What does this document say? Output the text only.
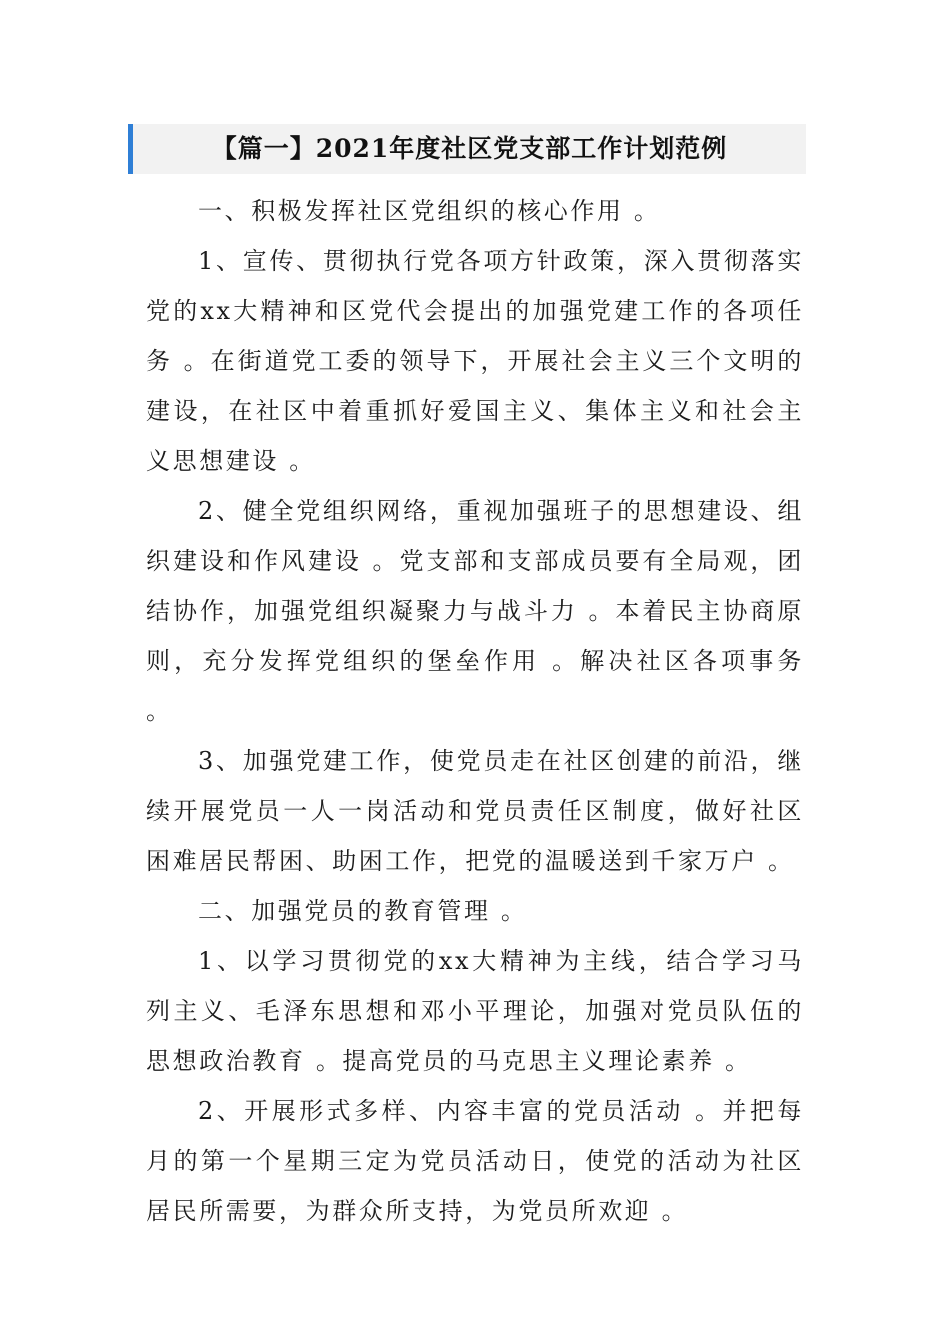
【篇一】2021年度社区党支部工作计划范例

一、积极发挥社区党组织的核心作用 。

1、宣传、贯彻执行党各项方针政策，深入贯彻落实党的xx大精神和区党代会提出的加强党建工作的各项任务 。在街道党工委的领导下，开展社会主义三个文明的建设，在社区中着重抓好爱国主义、集体主义和社会主义思想建设 。

2、健全党组织网络，重视加强班子的思想建设、组织建设和作风建设 。党支部和支部成员要有全局观，团结协作，加强党组织凝聚力与战斗力 。本着民主协商原则，充分发挥党组织的堡垒作用 。解决社区各项事务 。

3、加强党建工作，使党员走在社区创建的前沿，继续开展党员一人一岗活动和党员责任区制度，做好社区困难居民帮困、助困工作，把党的温暖送到千家万户 。

二、加强党员的教育管理 。

1、以学习贯彻党的xx大精神为主线，结合学习马列主义、毛泽东思想和邓小平理论，加强对党员队伍的思想政治教育 。提高党员的马克思主义理论素养 。

2、开展形式多样、内容丰富的党员活动 。并把每月的第一个星期三定为党员活动日，使党的活动为社区居民所需要，为群众所支持，为党员所欢迎 。
